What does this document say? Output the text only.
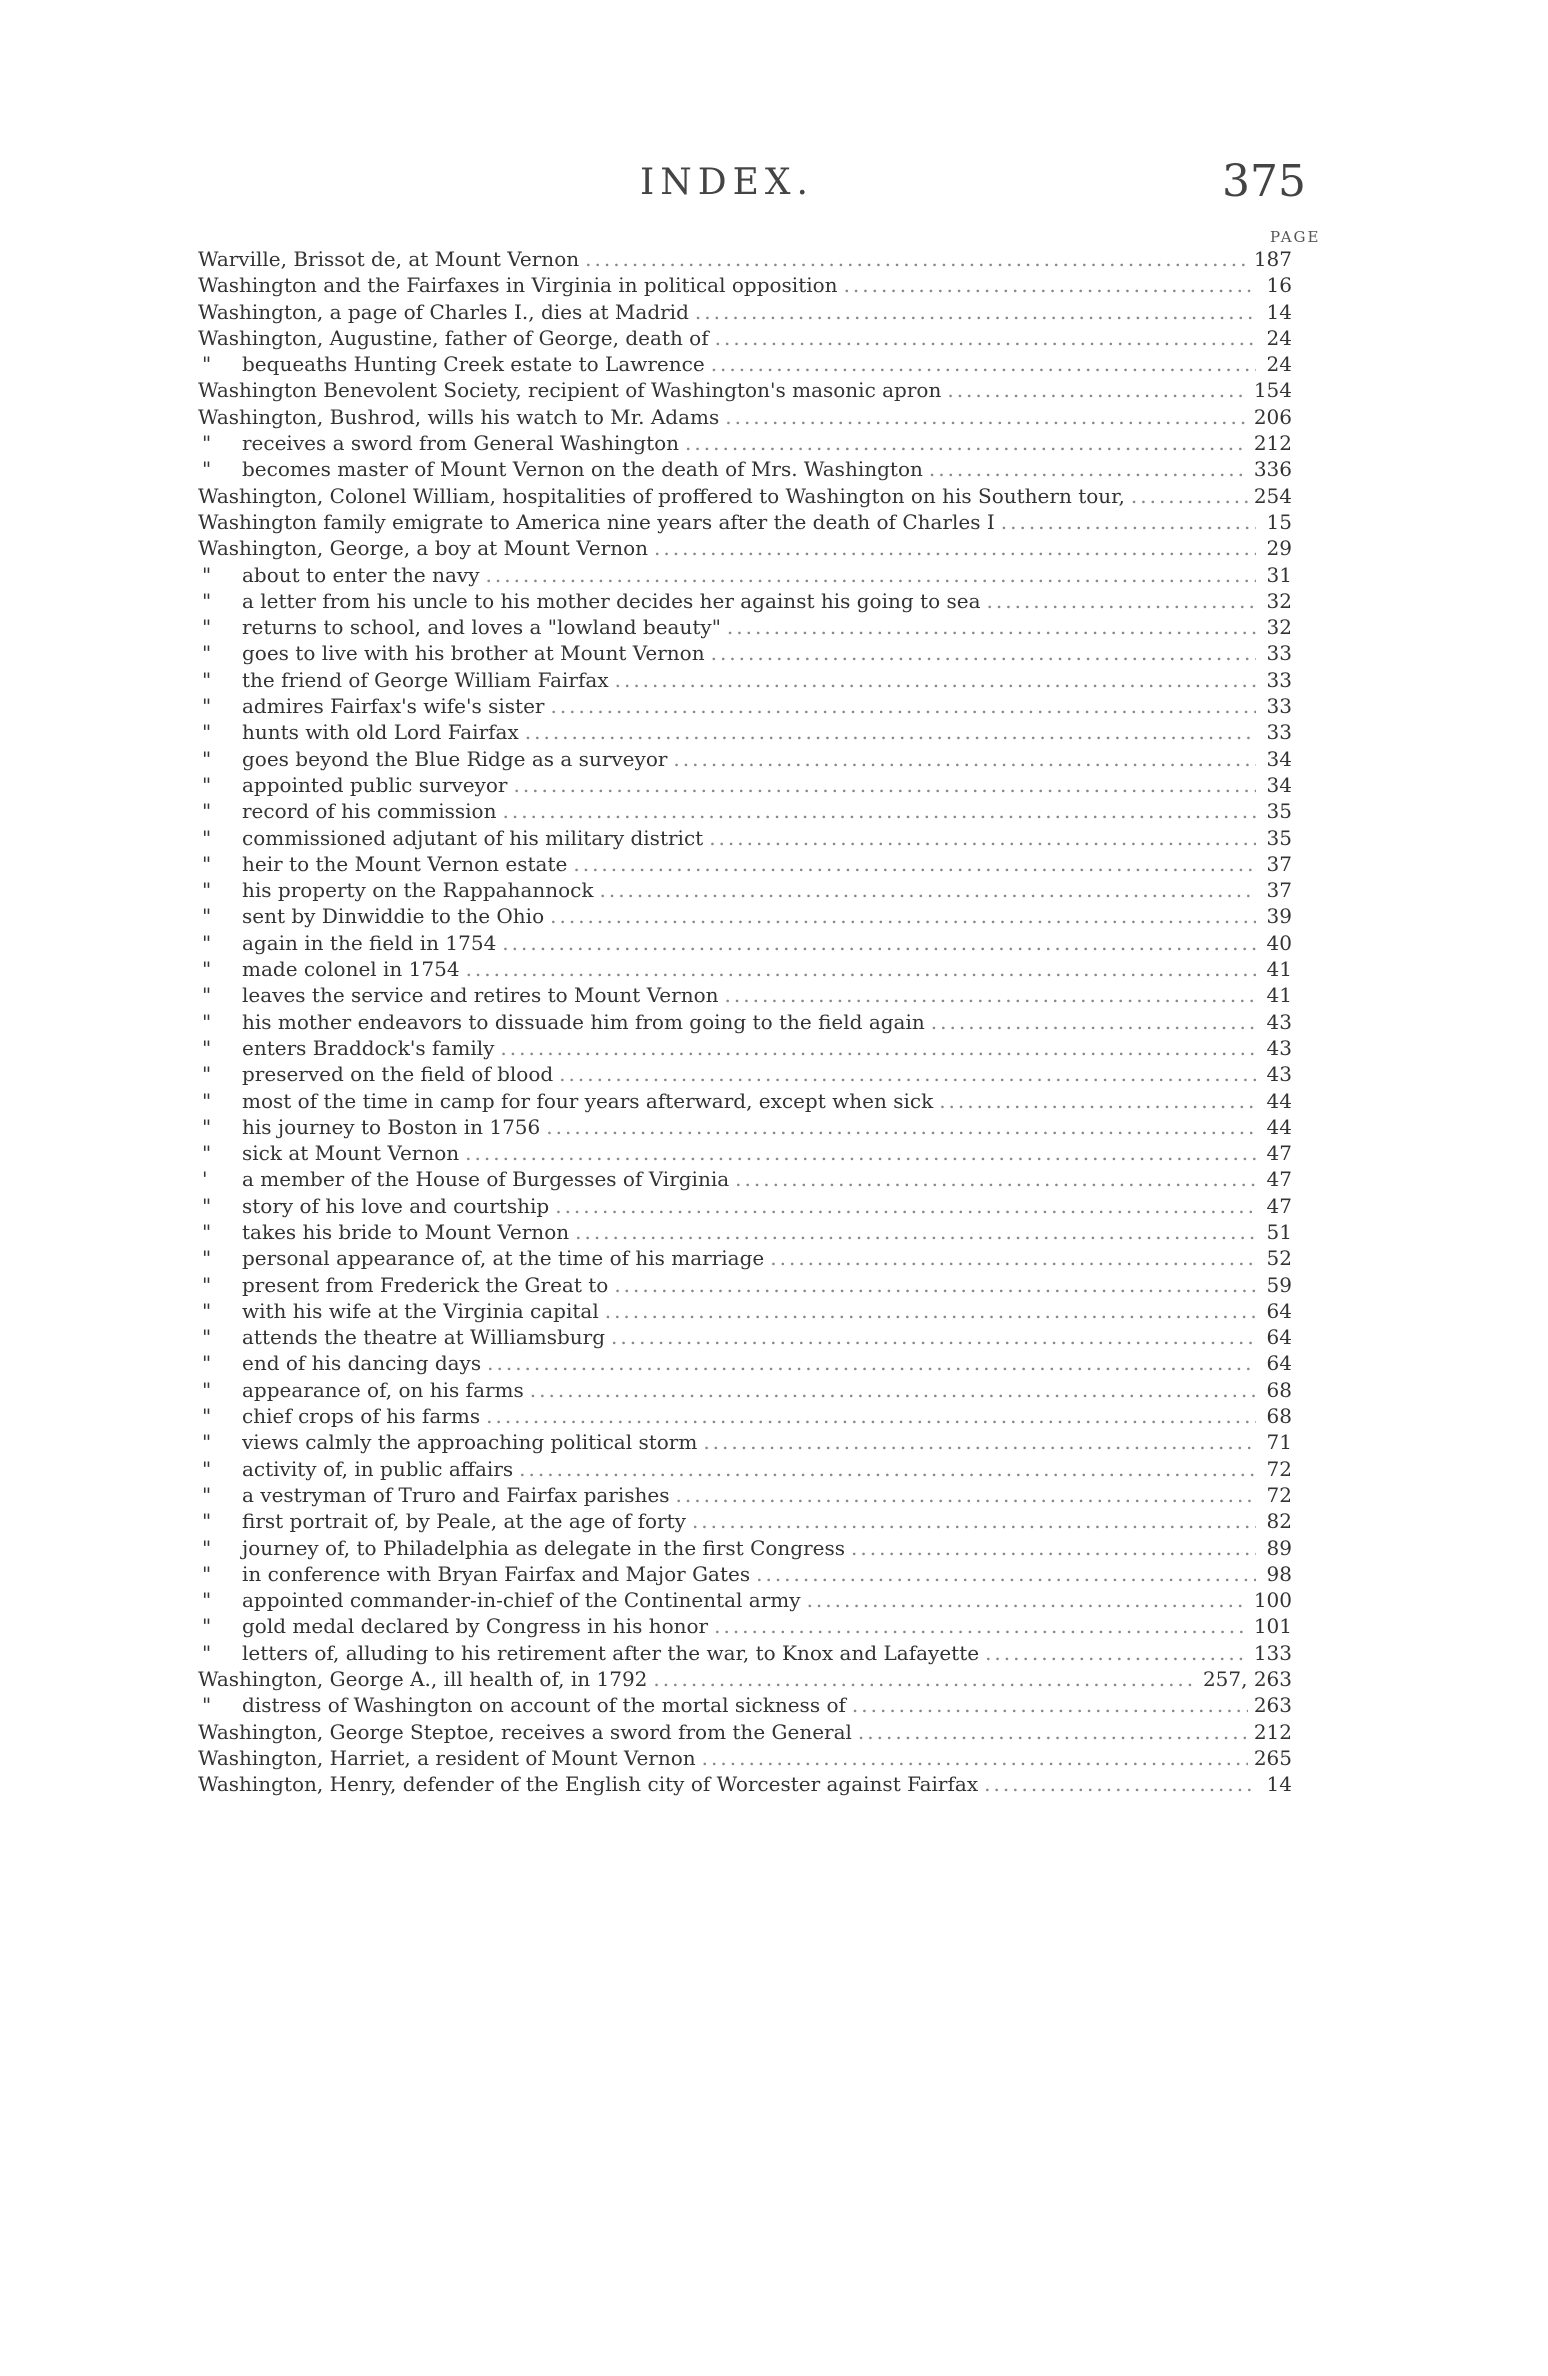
INDEX.	375
PAGE
Warville, Brissot de, at Mount Vernon .....	187
Washington and the Fairfaxes in Virginia in political opposition .....	16
Washington, a page of Charles I., dies at Madrid .....	14
Washington, Augustine, father of George, death of .....	24
"	bequeaths Hunting Creek estate to Lawrence .....	24
Washington Benevolent Society, recipient of Washington's masonic apron .....	154
Washington, Bushrod, wills his watch to Mr. Adams .....	206
"	receives a sword from General Washington .....	212
"	becomes master of Mount Vernon on the death of Mrs. Washington .....	336
Washington, Colonel William, hospitalities of proffered to Washington on his Southern tour, .....	254
Washington family emigrate to America nine years after the death of Charles I .....	15
Washington, George, a boy at Mount Vernon .....	29
"	about to enter the navy .....	31
"	a letter from his uncle to his mother decides her against his going to sea .....	32
"	returns to school, and loves a "lowland beauty" .....	32
"	goes to live with his brother at Mount Vernon .....	33
"	the friend of George William Fairfax .....	33
"	admires Fairfax's wife's sister .....	33
"	hunts with old Lord Fairfax .....	33
"	goes beyond the Blue Ridge as a surveyor .....	34
"	appointed public surveyor .....	34
"	record of his commission .....	35
"	commissioned adjutant of his military district .....	35
"	heir to the Mount Vernon estate .....	37
"	his property on the Rappahannock .....	37
"	sent by Dinwiddie to the Ohio .....	39
"	again in the field in 1754 .....	40
"	made colonel in 1754 .....	41
"	leaves the service and retires to Mount Vernon .....	41
"	his mother endeavors to dissuade him from going to the field again .....	43
"	enters Braddock's family .....	43
"	preserved on the field of blood .....	43
"	most of the time in camp for four years afterward, except when sick .....	44
"	his journey to Boston in 1756 .....	44
"	sick at Mount Vernon .....	47
'	a member of the House of Burgesses of Virginia .....	47
"	story of his love and courtship .....	47
"	takes his bride to Mount Vernon .....	51
"	personal appearance of, at the time of his marriage .....	52
"	present from Frederick the Great to .....	59
"	with his wife at the Virginia capital .....	64
"	attends the theatre at Williamsburg .....	64
"	end of his dancing days .....	64
"	appearance of, on his farms .....	68
"	chief crops of his farms .....	68
"	views calmly the approaching political storm .....	71
"	activity of, in public affairs .....	72
"	a vestryman of Truro and Fairfax parishes .....	72
"	first portrait of, by Peale, at the age of forty .....	82
"	journey of, to Philadelphia as delegate in the first Congress .....	89
"	in conference with Bryan Fairfax and Major Gates .....	98
"	appointed commander-in-chief of the Continental army .....	100
"	gold medal declared by Congress in his honor .....	101
"	letters of, alluding to his retirement after the war, to Knox and Lafayette .....	133
Washington, George A., ill health of, in 1792 .....	257, 263
"	distress of Washington on account of the mortal sickness of .....	263
Washington, George Steptoe, receives a sword from the General .....	212
Washington, Harriet, a resident of Mount Vernon .....	265
Washington, Henry, defender of the English city of Worcester against Fairfax .....	14
